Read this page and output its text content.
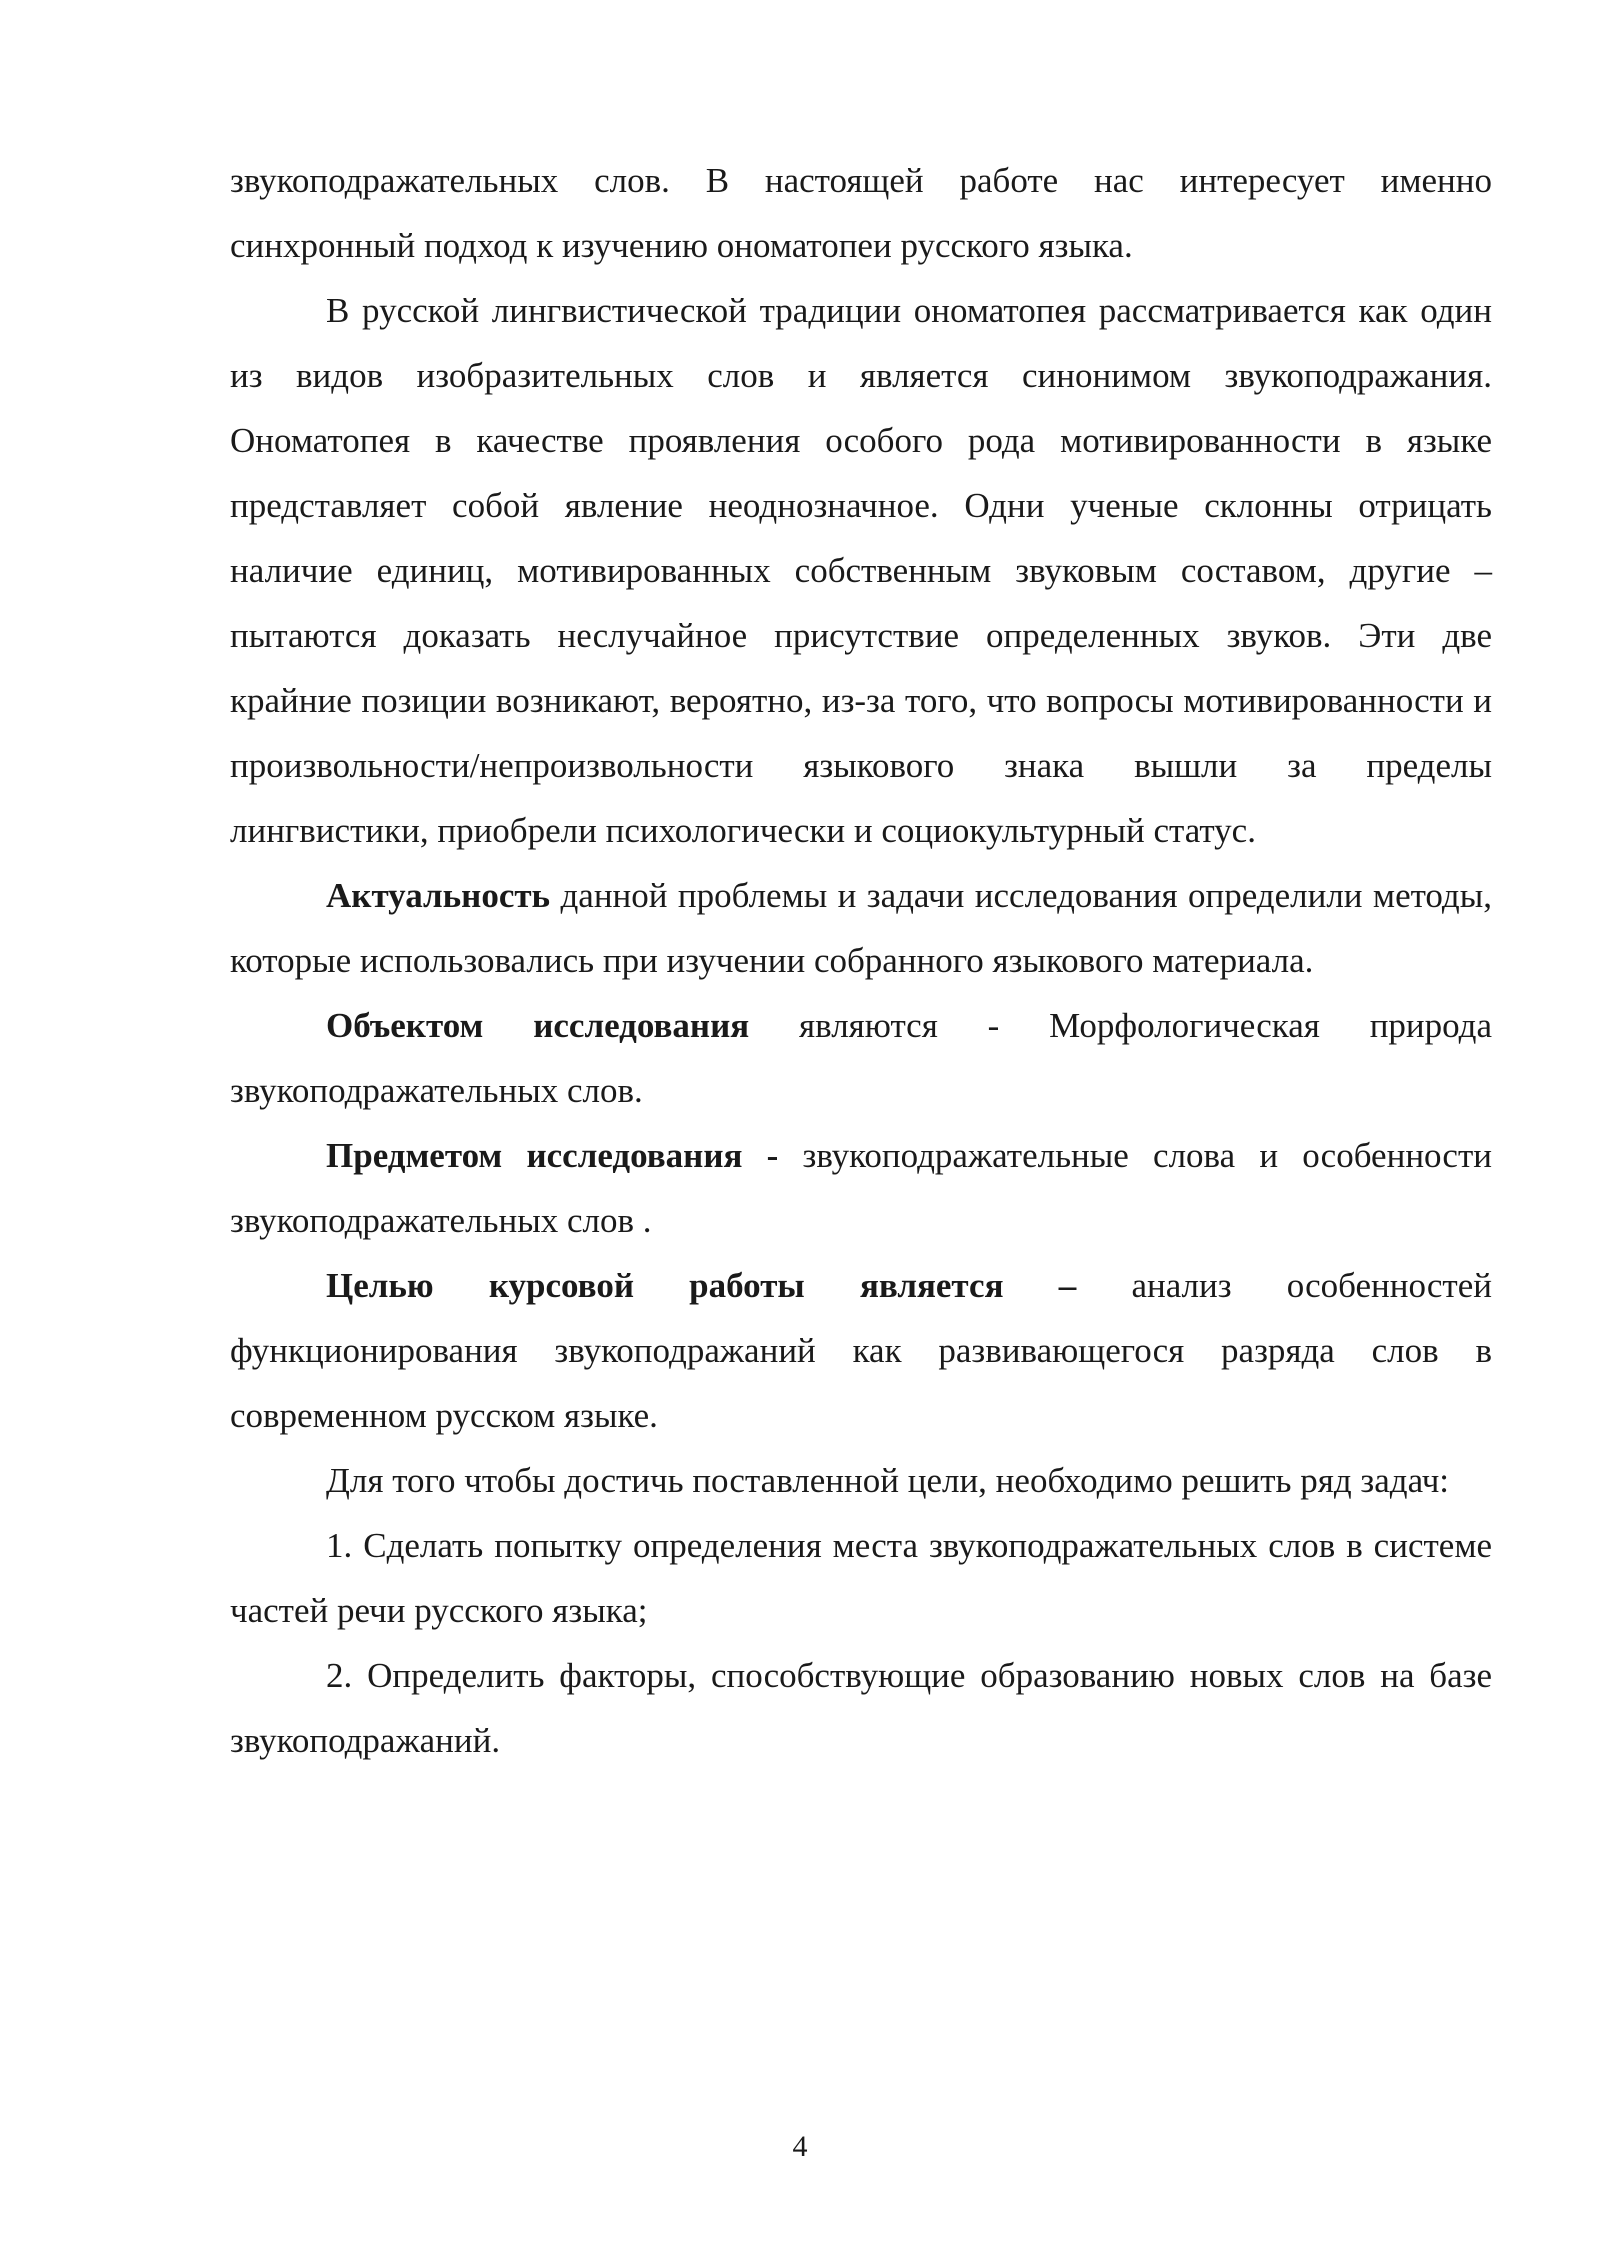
звукоподражательных слов. В настоящей работе нас интересует именно синхронный подход к изучению ономатопеи русского языка.

В русской лингвистической традиции ономатопея рассматривается как один из видов изобразительных слов и является синонимом звукоподражания. Ономатопея в качестве проявления особого рода мотивированности в языке представляет собой явление неоднозначное. Одни ученые склонны отрицать наличие единиц, мотивированных собственным звуковым составом, другие – пытаются доказать неслучайное присутствие определенных звуков. Эти две крайние позиции возникают, вероятно, из-за того, что вопросы мотивированности и произвольности/непроизвольности языкового знака вышли за пределы лингвистики, приобрели психологически и социокультурный статус.

Актуальность данной проблемы и задачи исследования определили методы, которые использовались при изучении собранного языкового материала.

Объектом исследования являются - Морфологическая природа звукоподражательных слов.

Предметом исследования - звукоподражательные слова и особенности звукоподражательных слов .

Целью курсовой работы является – анализ особенностей функционирования звукоподражаний как развивающегося разряда слов в современном русском языке.

Для того чтобы достичь поставленной цели, необходимо решить ряд задач:

1. Сделать попытку определения места звукоподражательных слов в системе частей речи русского языка;

2. Определить факторы, способствующие образованию новых слов на базе звукоподражаний.

4
